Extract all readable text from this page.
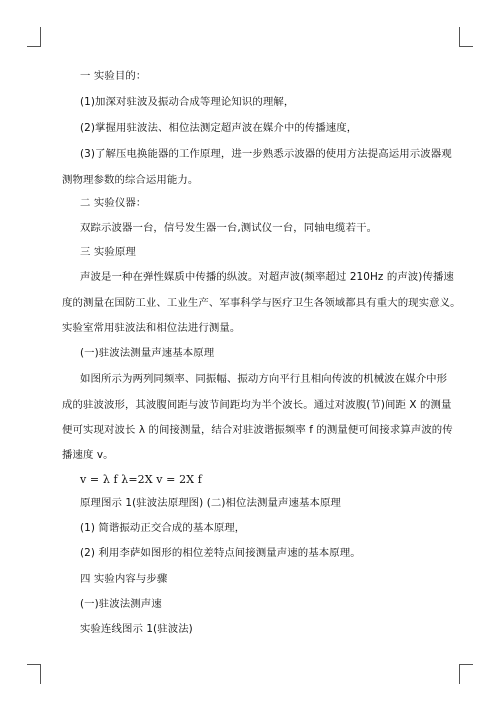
一 实验目的：
(1)加深对驻波及振动合成等理论知识的理解，
(2)掌握用驻波法、相位法测定超声波在媒介中的传播速度，
(3)了解压电换能器的工作原理，进一步熟悉示波器的使用方法提高运用示波器观
测物理参数的综合运用能力。
二 实验仪器：
双踪示波器一台，信号发生器一台,测试仪一台，同轴电缆若干。
三 实验原理
声波是一种在弹性媒质中传播的纵波。对超声波(频率超过 210Hz 的声波)传播速
度的测量在国防工业、工业生产、军事科学与医疗卫生各领域都具有重大的现实意义。
实验室常用驻波法和相位法进行测量。
(一)驻波法测量声速基本原理
如图所示为两列同频率、同振幅、振动方向平行且相向传波的机械波在媒介中形
成的驻波波形，其波腹间距与波节间距均为半个波长。通过对波腹(节)间距 X 的测量
便可实现对波长 λ 的间接测量，结合对驻波谐振频率 f 的测量便可间接求算声波的传
播速度 v。
v = λ f λ=2X v = 2X f
原理图示 1(驻波法原理图) (二)相位法测量声速基本原理
(1) 简谐振动正交合成的基本原理，
(2) 利用李萨如图形的相位差特点间接测量声速的基本原理。
四 实验内容与步骤
(一)驻波法测声速
实验连线图示 1(驻波法)
